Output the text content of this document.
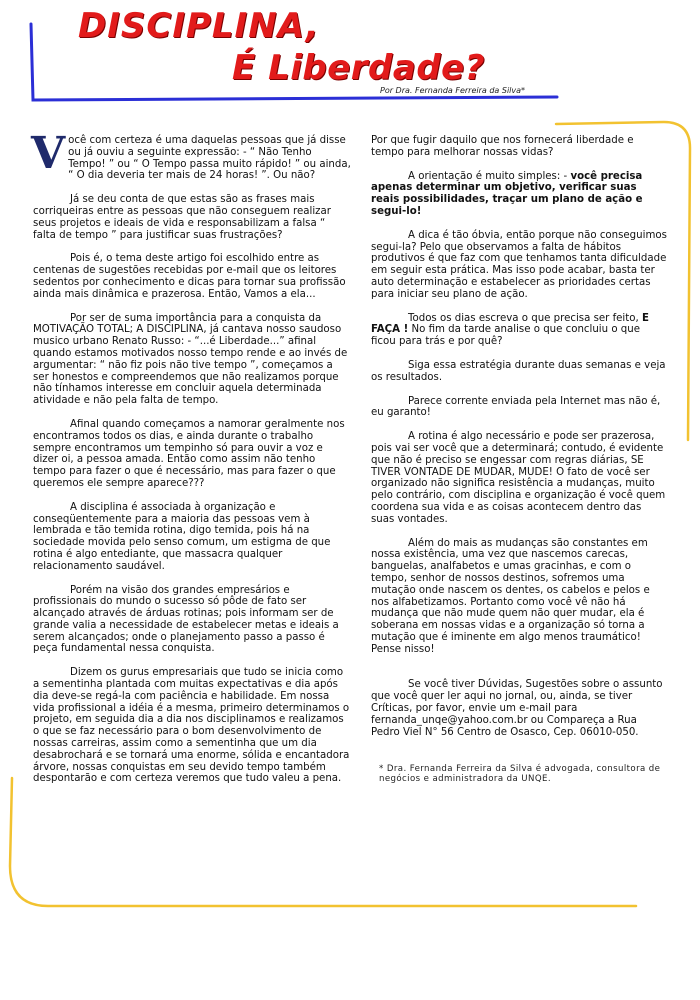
DISCIPLINA,
É Liberdade?
Por Dra. Fernanda Ferreira da Silva*

Você com certeza é uma daquelas pessoas que já disse ou já ouviu a seguinte expressão: - “ Não Tenho Tempo! ” ou “ O Tempo passa muito rápido! ” ou ainda, “ O dia deveria ter mais de 24 horas! ”. Ou não?

Já se deu conta de que estas são as frases mais corriqueiras entre as pessoas que não conseguem realizar seus projetos e ideais de vida e responsabilizam a falsa “ falta de tempo ” para justificar suas frustrações?

Pois é, o tema deste artigo foi escolhido entre as centenas de sugestões recebidas por e-mail que os leitores sedentos por conhecimento e dicas para tornar sua profissão ainda mais dinâmica e prazerosa. Então, Vamos a ela...

Por ser de suma importância para a conquista da MOTIVAÇÃO TOTAL; A DISCIPLINA, já cantava nosso saudoso musico urbano Renato Russo: - “...é Liberdade...” afinal quando estamos motivados nosso tempo rende e ao invés de argumentar: “ não fiz pois não tive tempo ”, começamos a ser honestos e compreendemos que não realizamos porque não tínhamos interesse em concluir aquela determinada atividade e não pela falta de tempo.

Afinal quando começamos a namorar geralmente nos encontramos todos os dias, e ainda durante o trabalho sempre encontramos um tempinho só para ouvir a voz e dizer oi, a pessoa amada. Então como assim não tenho tempo para fazer o que é necessário, mas para fazer o que queremos ele sempre aparece???

A disciplina é associada à organização e conseqüentemente para a maioria das pessoas vem à lembrada e tão temida rotina, digo temida, pois há na sociedade movida pelo senso comum, um estigma de que rotina é algo entediante, que massacra qualquer relacionamento saudável.

Porém na visão dos grandes empresários e profissionais do mundo o sucesso só pôde de fato ser alcançado através de árduas rotinas; pois informam ser de grande valia a necessidade de estabelecer metas e ideais a serem alcançados; onde o planejamento passo a passo é peça fundamental nessa conquista.

Dizem os gurus empresariais que tudo se inicia como a sementinha plantada com muitas expectativas e dia após dia deve-se regá-la com paciência e habilidade. Em nossa vida profissional a idéia é a mesma, primeiro determinamos o projeto, em seguida dia a dia nos disciplinamos e realizamos o que se faz necessário para o bom desenvolvimento de nossas carreiras, assim como a sementinha que um dia desabrochará e se tornará uma enorme, sólida e encantadora árvore, nossas conquistas em seu devido tempo também despontarão e com certeza veremos que tudo valeu a pena.

Por que fugir daquilo que nos fornecerá liberdade e tempo para melhorar nossas vidas?

A orientação é muito simples: - você precisa apenas determinar um objetivo, verificar suas reais possibilidades, traçar um plano de ação e segui-lo!

A dica é tão óbvia, então porque não conseguimos segui-la? Pelo que observamos a falta de hábitos produtivos é que faz com que tenhamos tanta dificuldade em seguir esta prática. Mas isso pode acabar, basta ter auto determinação e estabelecer as prioridades certas para iniciar seu plano de ação.

Todos os dias escreva o que precisa ser feito, E FAÇA ! No fim da tarde analise o que concluiu o que ficou para trás e por quê?

Siga essa estratégia durante duas semanas e veja os resultados.

Parece corrente enviada pela Internet mas não é, eu garanto!

A rotina é algo necessário e pode ser prazerosa, pois vai ser você que a determinará; contudo, é evidente que não é preciso se engessar com regras diárias, SE TIVER VONTADE DE MUDAR, MUDE! O fato de você ser organizado não significa resistência a mudanças, muito pelo contrário, com disciplina e organização é você quem coordena sua vida e as coisas acontecem dentro das suas vontades.

Além do mais as mudanças são constantes em nossa existência, uma vez que nascemos carecas, banguelas, analfabetos e umas gracinhas, e com o tempo, senhor de nossos destinos, sofremos uma mutação onde nascem os dentes, os cabelos e pelos e nos alfabetizamos. Portanto como você vê não há mudança que não mude quem não quer mudar, ela é soberana em nossas vidas e a organização só torna a mutação que é iminente em algo menos traumático! Pense nisso!

Se você tiver Dúvidas, Sugestões sobre o assunto que você quer ler aqui no jornal, ou, ainda, se tiver Críticas, por favor, envie um e-mail para fernanda_unqe@yahoo.com.br ou Compareça a Rua Pedro Viel N° 56 Centro de Osasco, Cep. 06010-050.

* Dra. Fernanda Ferreira da Silva é advogada, consultora de negócios e administradora da UNQE.
